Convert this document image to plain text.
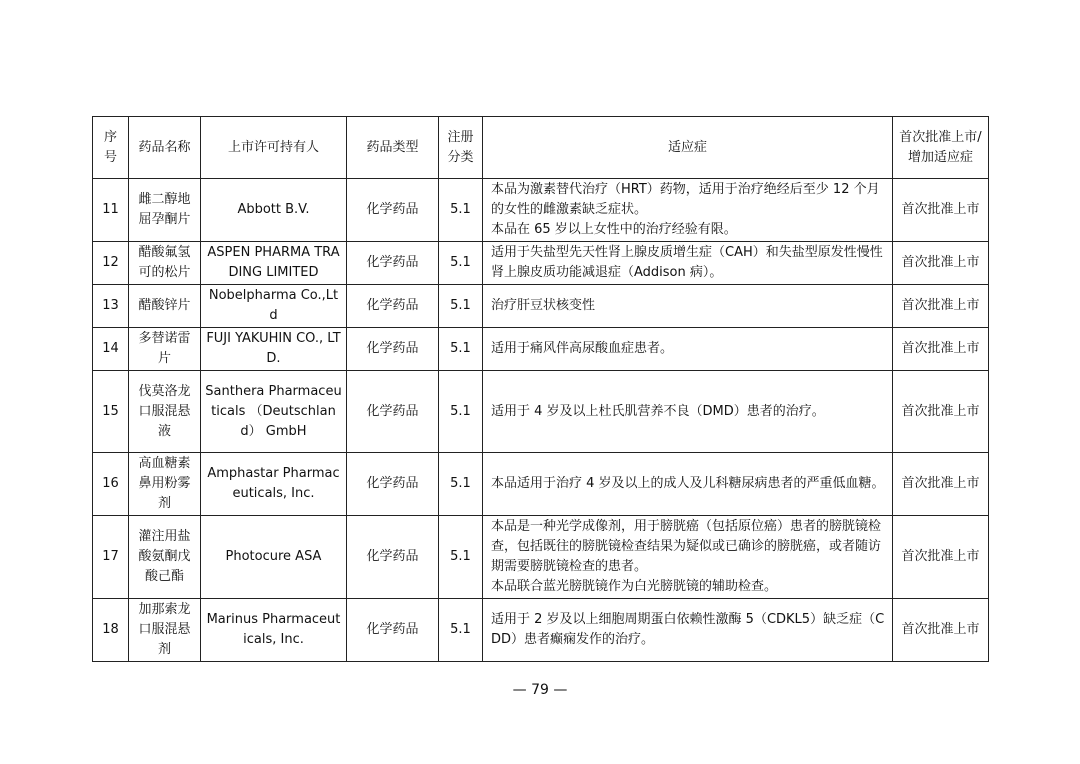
序号	药品名称	上市许可持有人	药品类型	注册分类	适应症	首次批准上市/增加适应症
11	雌二醇地屈孕酮片	Abbott B.V.	化学药品	5.1	本品为激素替代治疗（HRT）药物，适用于治疗绝经后至少 12 个月的女性的雌激素缺乏症状。
本品在 65 岁以上女性中的治疗经验有限。	首次批准上市
12	醋酸氟氢可的松片	ASPEN PHARMA TRADING LIMITED	化学药品	5.1	适用于失盐型先天性肾上腺皮质增生症（CAH）和失盐型原发性慢性肾上腺皮质功能减退症（Addison 病）。	首次批准上市
13	醋酸锌片	Nobelpharma Co.,Ltd	化学药品	5.1	治疗肝豆状核变性	首次批准上市
14	多替诺雷片	FUJI YAKUHIN CO., LTD.	化学药品	5.1	适用于痛风伴高尿酸血症患者。	首次批准上市
15	伐莫洛龙口服混悬液	Santhera Pharmaceuticals （Deutschland） GmbH	化学药品	5.1	适用于 4 岁及以上杜氏肌营养不良（DMD）患者的治疗。	首次批准上市
16	高血糖素鼻用粉雾剂	Amphastar Pharmaceuticals, Inc.	化学药品	5.1	本品适用于治疗 4 岁及以上的成人及儿科糖尿病患者的严重低血糖。	首次批准上市
17	灌注用盐酸氨酮戊酸己酯	Photocure ASA	化学药品	5.1	本品是一种光学成像剂，用于膀胱癌（包括原位癌）患者的膀胱镜检查，包括既往的膀胱镜检查结果为疑似或已确诊的膀胱癌，或者随访期需要膀胱镜检查的患者。
本品联合蓝光膀胱镜作为白光膀胱镜的辅助检查。	首次批准上市
18	加那索龙口服混悬剂	Marinus Pharmaceuticals, Inc.	化学药品	5.1	适用于 2 岁及以上细胞周期蛋白依赖性激酶 5（CDKL5）缺乏症（CDD）患者癫痫发作的治疗。	首次批准上市
— 79 —
